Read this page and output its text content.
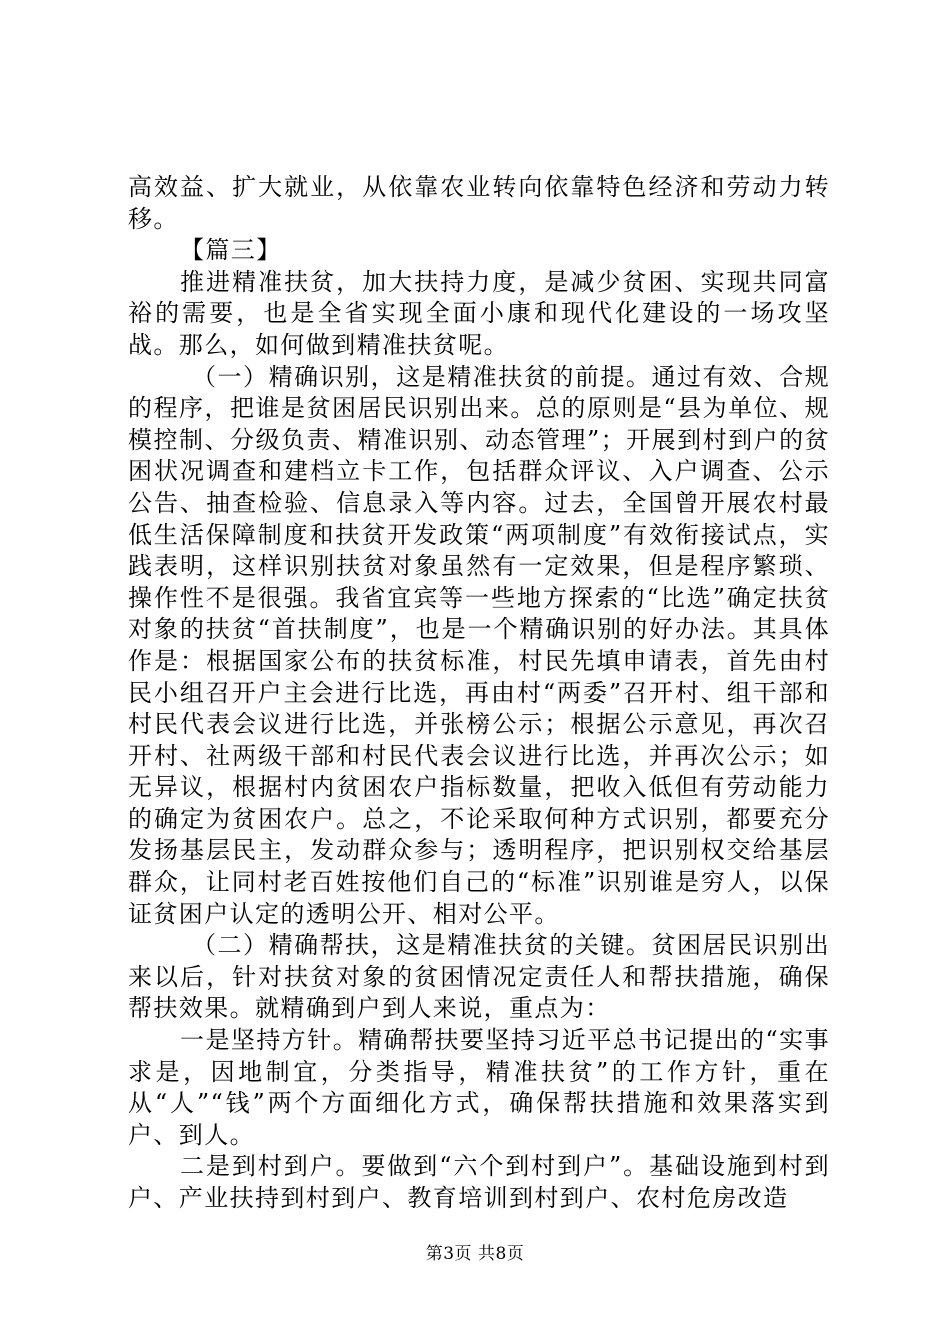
高效益、扩大就业，从依靠农业转向依靠特色经济和劳动力转移。

【篇三】

推进精准扶贫，加大扶持力度，是减少贫困、实现共同富裕的需要，也是全省实现全面小康和现代化建设的一场攻坚战。那么，如何做到精准扶贫呢。

（一）精确识别，这是精准扶贫的前提。通过有效、合规的程序，把谁是贫困居民识别出来。总的原则是“县为单位、规模控制、分级负责、精准识别、动态管理”；开展到村到户的贫困状况调查和建档立卡工作，包括群众评议、入户调查、公示公告、抽查检验、信息录入等内容。过去，全国曾开展农村最低生活保障制度和扶贫开发政策“两项制度”有效衔接试点，实践表明，这样识别扶贫对象虽然有一定效果，但是程序繁琐、操作性不是很强。我省宜宾等一些地方探索的“比选”确定扶贫对象的扶贫“首扶制度”，也是一个精确识别的好办法。其具体作是：根据国家公布的扶贫标准，村民先填申请表，首先由村民小组召开户主会进行比选，再由村“两委”召开村、组干部和村民代表会议进行比选，并张榜公示；根据公示意见，再次召开村、社两级干部和村民代表会议进行比选，并再次公示；如无异议，根据村内贫困农户指标数量，把收入低但有劳动能力的确定为贫困农户。总之，不论采取何种方式识别，都要充分发扬基层民主，发动群众参与；透明程序，把识别权交给基层群众，让同村老百姓按他们自己的“标准”识别谁是穷人，以保证贫困户认定的透明公开、相对公平。

（二）精确帮扶，这是精准扶贫的关键。贫困居民识别出来以后，针对扶贫对象的贫困情况定责任人和帮扶措施，确保帮扶效果。就精确到户到人来说，重点为：

一是坚持方针。精确帮扶要坚持习近平总书记提出的“实事求是，因地制宜，分类指导，精准扶贫”的工作方针，重在从“人”“钱”两个方面细化方式，确保帮扶措施和效果落实到户、到人。

二是到村到户。要做到“六个到村到户”。基础设施到村到户、产业扶持到村到户、教育培训到村到户、农村危房改造

第3页 共8页
